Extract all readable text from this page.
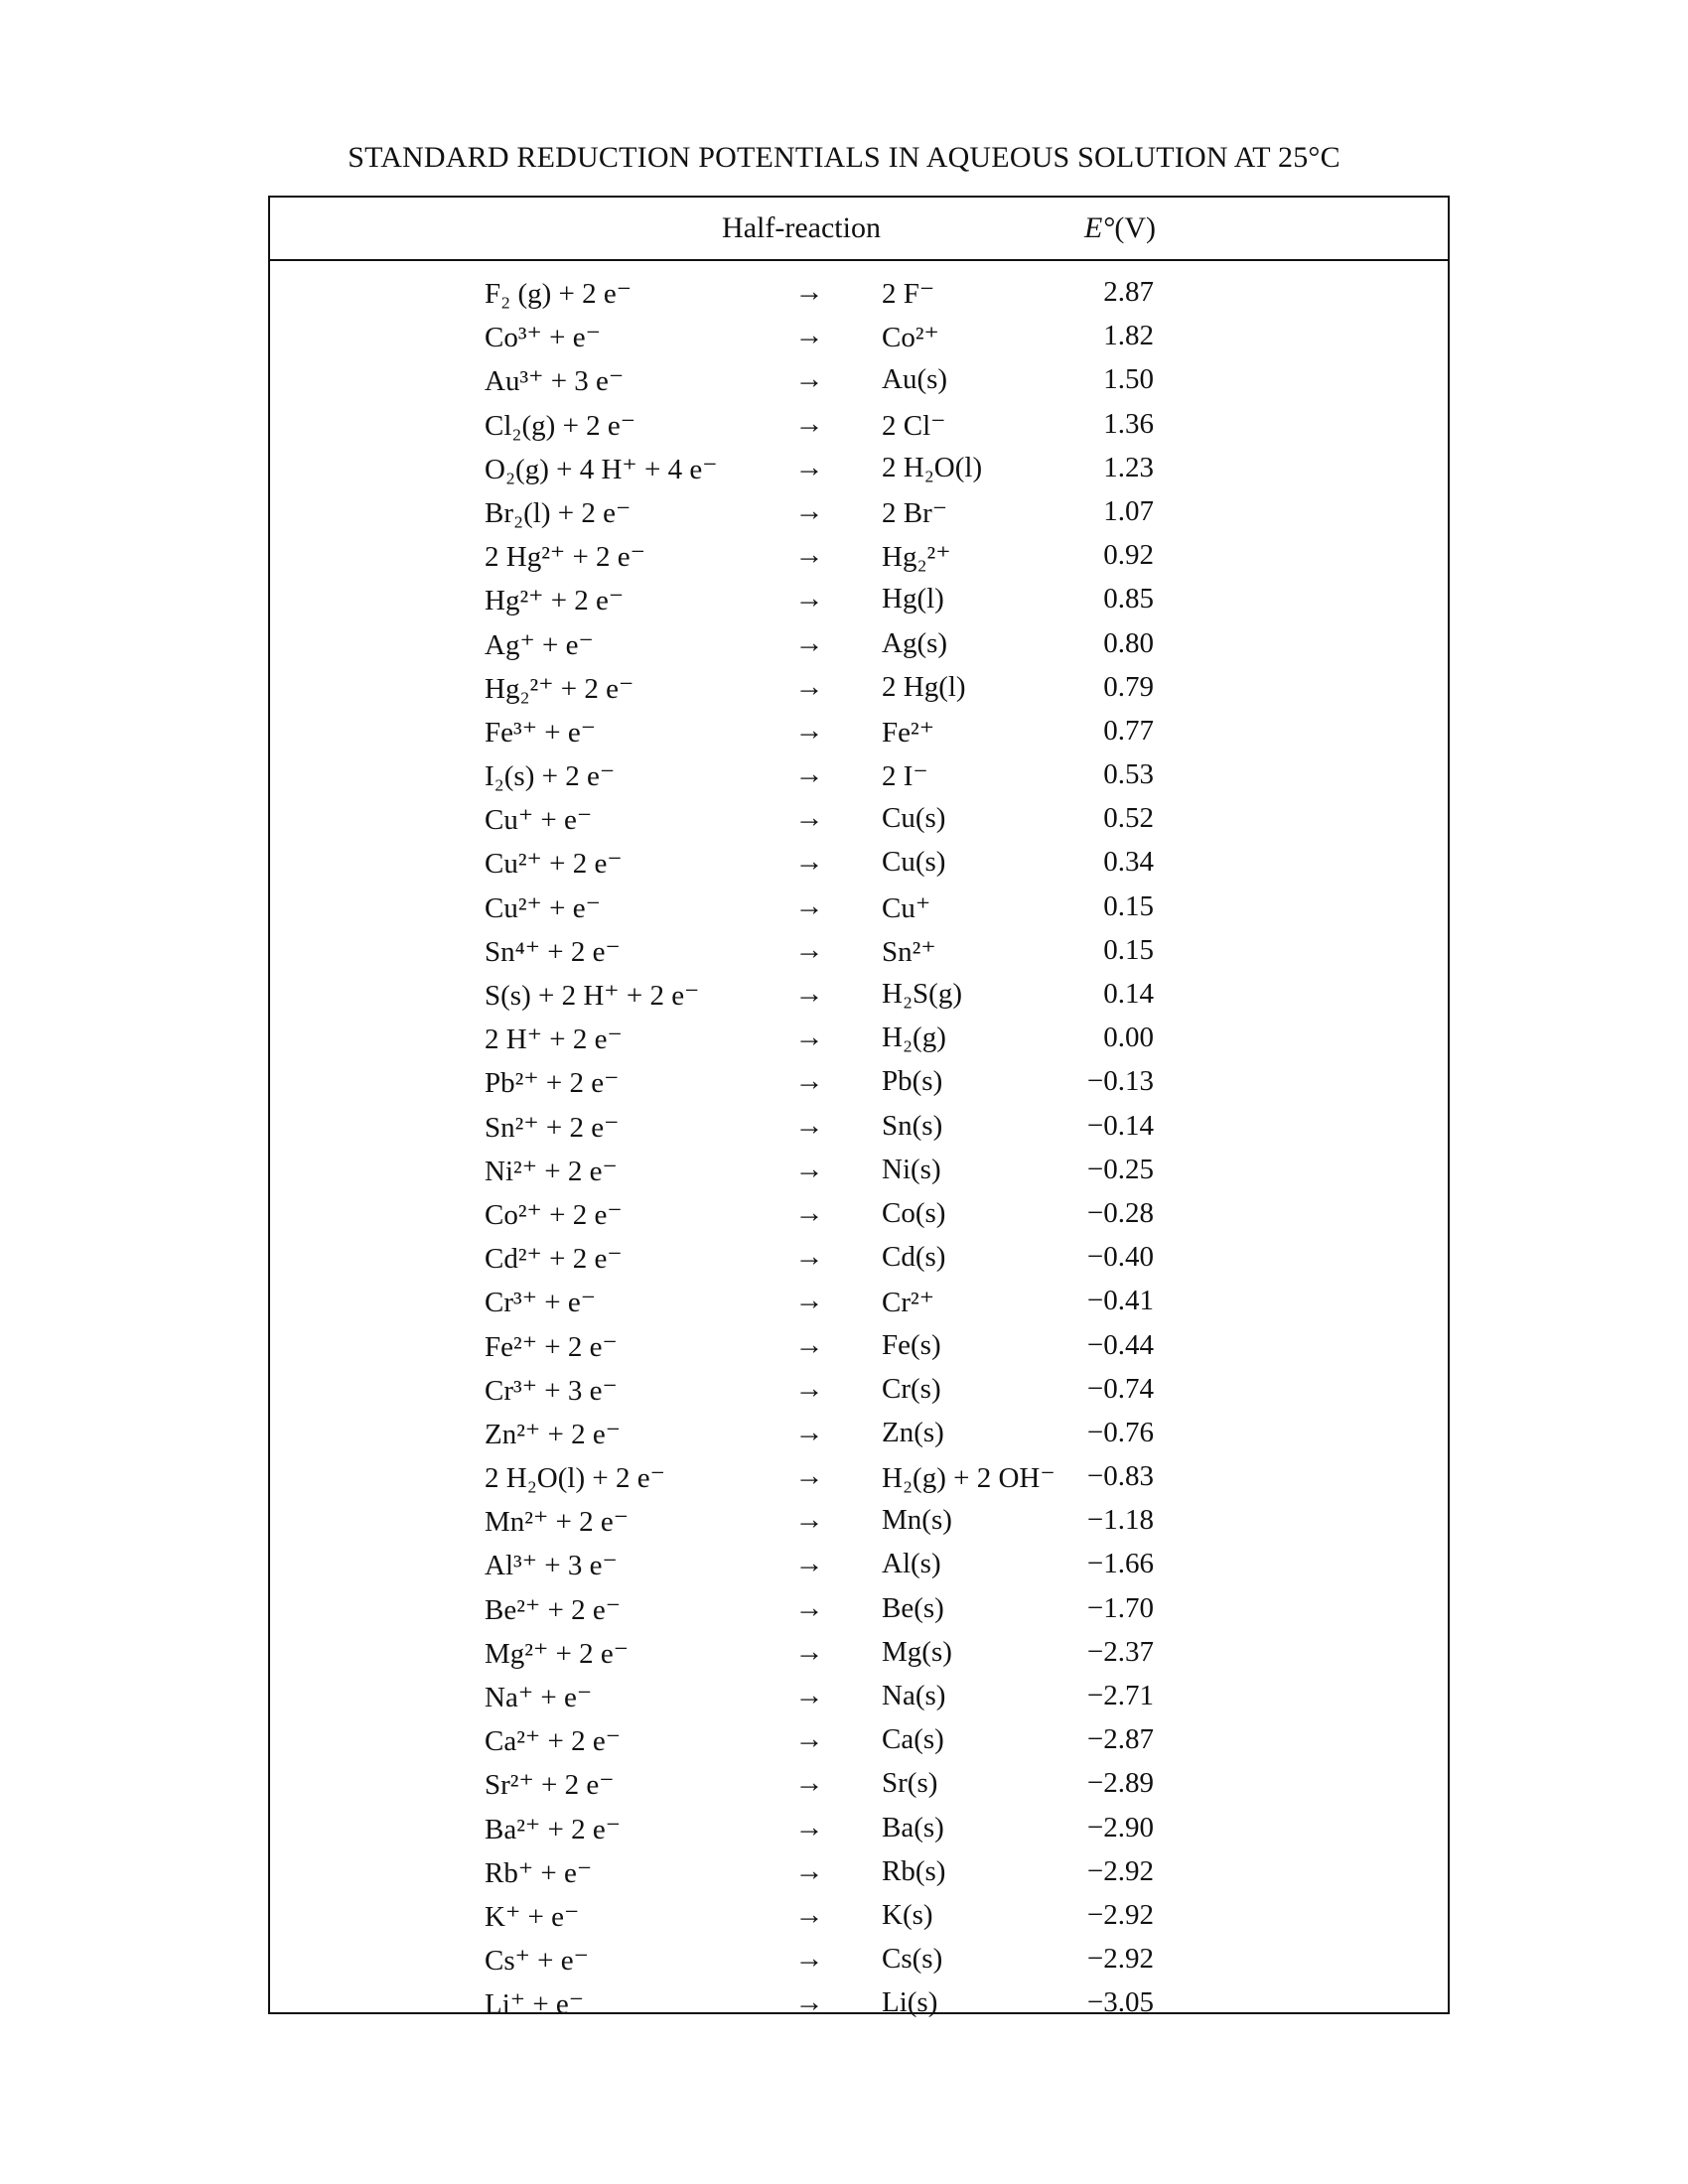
STANDARD REDUCTION POTENTIALS IN AQUEOUS SOLUTION AT 25°C
Half-reaction	E°(V)
F₂ (g) + 2 e⁻	→	2 F⁻	2.87
Co³⁺ + e⁻	→	Co²⁺	1.82
Au³⁺ + 3 e⁻	→	Au(s)	1.50
Cl₂(g) + 2 e⁻	→	2 Cl⁻	1.36
O₂(g) + 4 H⁺ + 4 e⁻	→	2 H₂O(l)	1.23
Br₂(l) + 2 e⁻	→	2 Br⁻	1.07
2 Hg²⁺ + 2 e⁻	→	Hg₂²⁺	0.92
Hg²⁺ + 2 e⁻	→	Hg(l)	0.85
Ag⁺ + e⁻	→	Ag(s)	0.80
Hg₂²⁺ + 2 e⁻	→	2 Hg(l)	0.79
Fe³⁺ + e⁻	→	Fe²⁺	0.77
I₂(s) + 2 e⁻	→	2 I⁻	0.53
Cu⁺ + e⁻	→	Cu(s)	0.52
Cu²⁺ + 2 e⁻	→	Cu(s)	0.34
Cu²⁺ + e⁻	→	Cu⁺	0.15
Sn⁴⁺ + 2 e⁻	→	Sn²⁺	0.15
S(s) + 2 H⁺ + 2 e⁻	→	H₂S(g)	0.14
2 H⁺ + 2 e⁻	→	H₂(g)	0.00
Pb²⁺ + 2 e⁻	→	Pb(s)	−0.13
Sn²⁺ + 2 e⁻	→	Sn(s)	−0.14
Ni²⁺ + 2 e⁻	→	Ni(s)	−0.25
Co²⁺ + 2 e⁻	→	Co(s)	−0.28
Cd²⁺ + 2 e⁻	→	Cd(s)	−0.40
Cr³⁺ + e⁻	→	Cr²⁺	−0.41
Fe²⁺ + 2 e⁻	→	Fe(s)	−0.44
Cr³⁺ + 3 e⁻	→	Cr(s)	−0.74
Zn²⁺ + 2 e⁻	→	Zn(s)	−0.76
2 H₂O(l) + 2 e⁻	→	H₂(g) + 2 OH⁻	−0.83
Mn²⁺ + 2 e⁻	→	Mn(s)	−1.18
Al³⁺ + 3 e⁻	→	Al(s)	−1.66
Be²⁺ + 2 e⁻	→	Be(s)	−1.70
Mg²⁺ + 2 e⁻	→	Mg(s)	−2.37
Na⁺ + e⁻	→	Na(s)	−2.71
Ca²⁺ + 2 e⁻	→	Ca(s)	−2.87
Sr²⁺ + 2 e⁻	→	Sr(s)	−2.89
Ba²⁺ + 2 e⁻	→	Ba(s)	−2.90
Rb⁺ + e⁻	→	Rb(s)	−2.92
K⁺ + e⁻	→	K(s)	−2.92
Cs⁺ + e⁻	→	Cs(s)	−2.92
Li⁺ + e⁻	→	Li(s)	−3.05
